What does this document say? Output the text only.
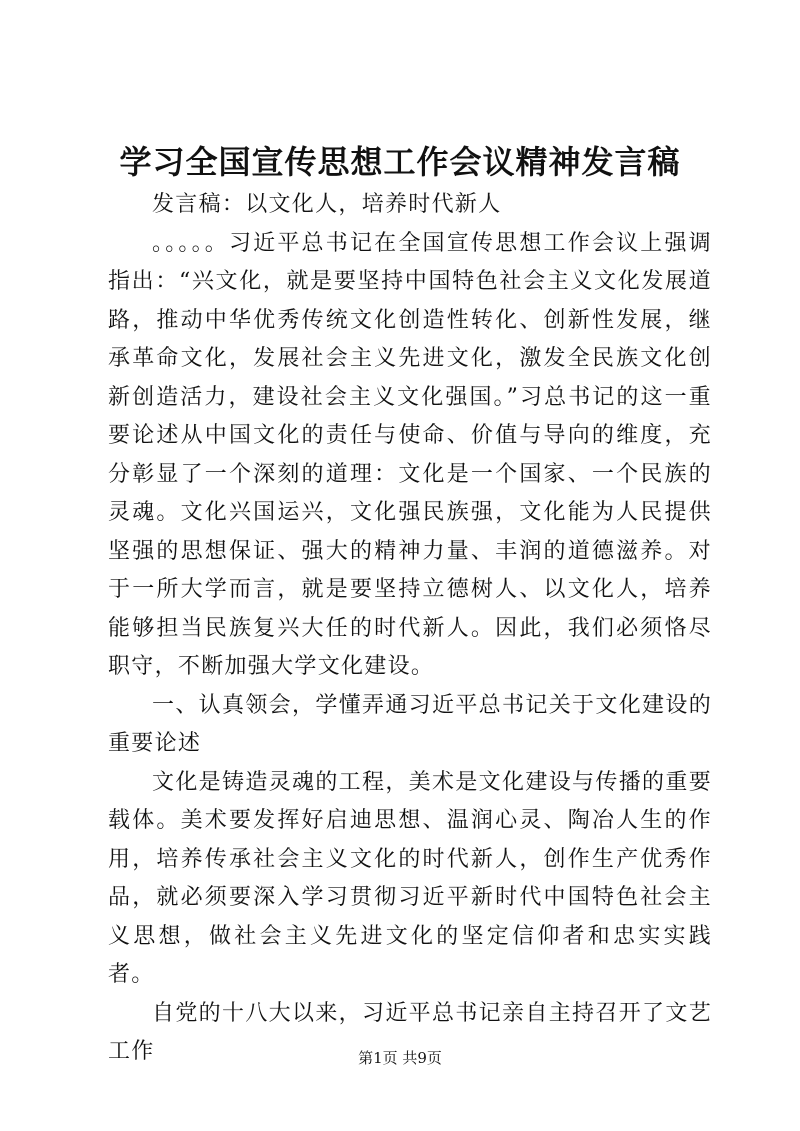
学习全国宣传思想工作会议精神发言稿

发言稿：以文化人，培养时代新人

。。。。。习近平总书记在全国宣传思想工作会议上强调指出：“兴文化，就是要坚持中国特色社会主义文化发展道路，推动中华优秀传统文化创造性转化、创新性发展，继承革命文化，发展社会主义先进文化，激发全民族文化创新创造活力，建设社会主义文化强国。”习总书记的这一重要论述从中国文化的责任与使命、价值与导向的维度，充分彰显了一个深刻的道理：文化是一个国家、一个民族的灵魂。文化兴国运兴，文化强民族强，文化能为人民提供坚强的思想保证、强大的精神力量、丰润的道德滋养。对于一所大学而言，就是要坚持立德树人、以文化人，培养能够担当民族复兴大任的时代新人。因此，我们必须恪尽职守，不断加强大学文化建设。

一、认真领会，学懂弄通习近平总书记关于文化建设的重要论述

文化是铸造灵魂的工程，美术是文化建设与传播的重要载体。美术要发挥好启迪思想、温润心灵、陶冶人生的作用，培养传承社会主义文化的时代新人，创作生产优秀作品，就必须要深入学习贯彻习近平新时代中国特色社会主义思想，做社会主义先进文化的坚定信仰者和忠实实践者。

自党的十八大以来，习近平总书记亲自主持召开了文艺工作	第1页 共9页
